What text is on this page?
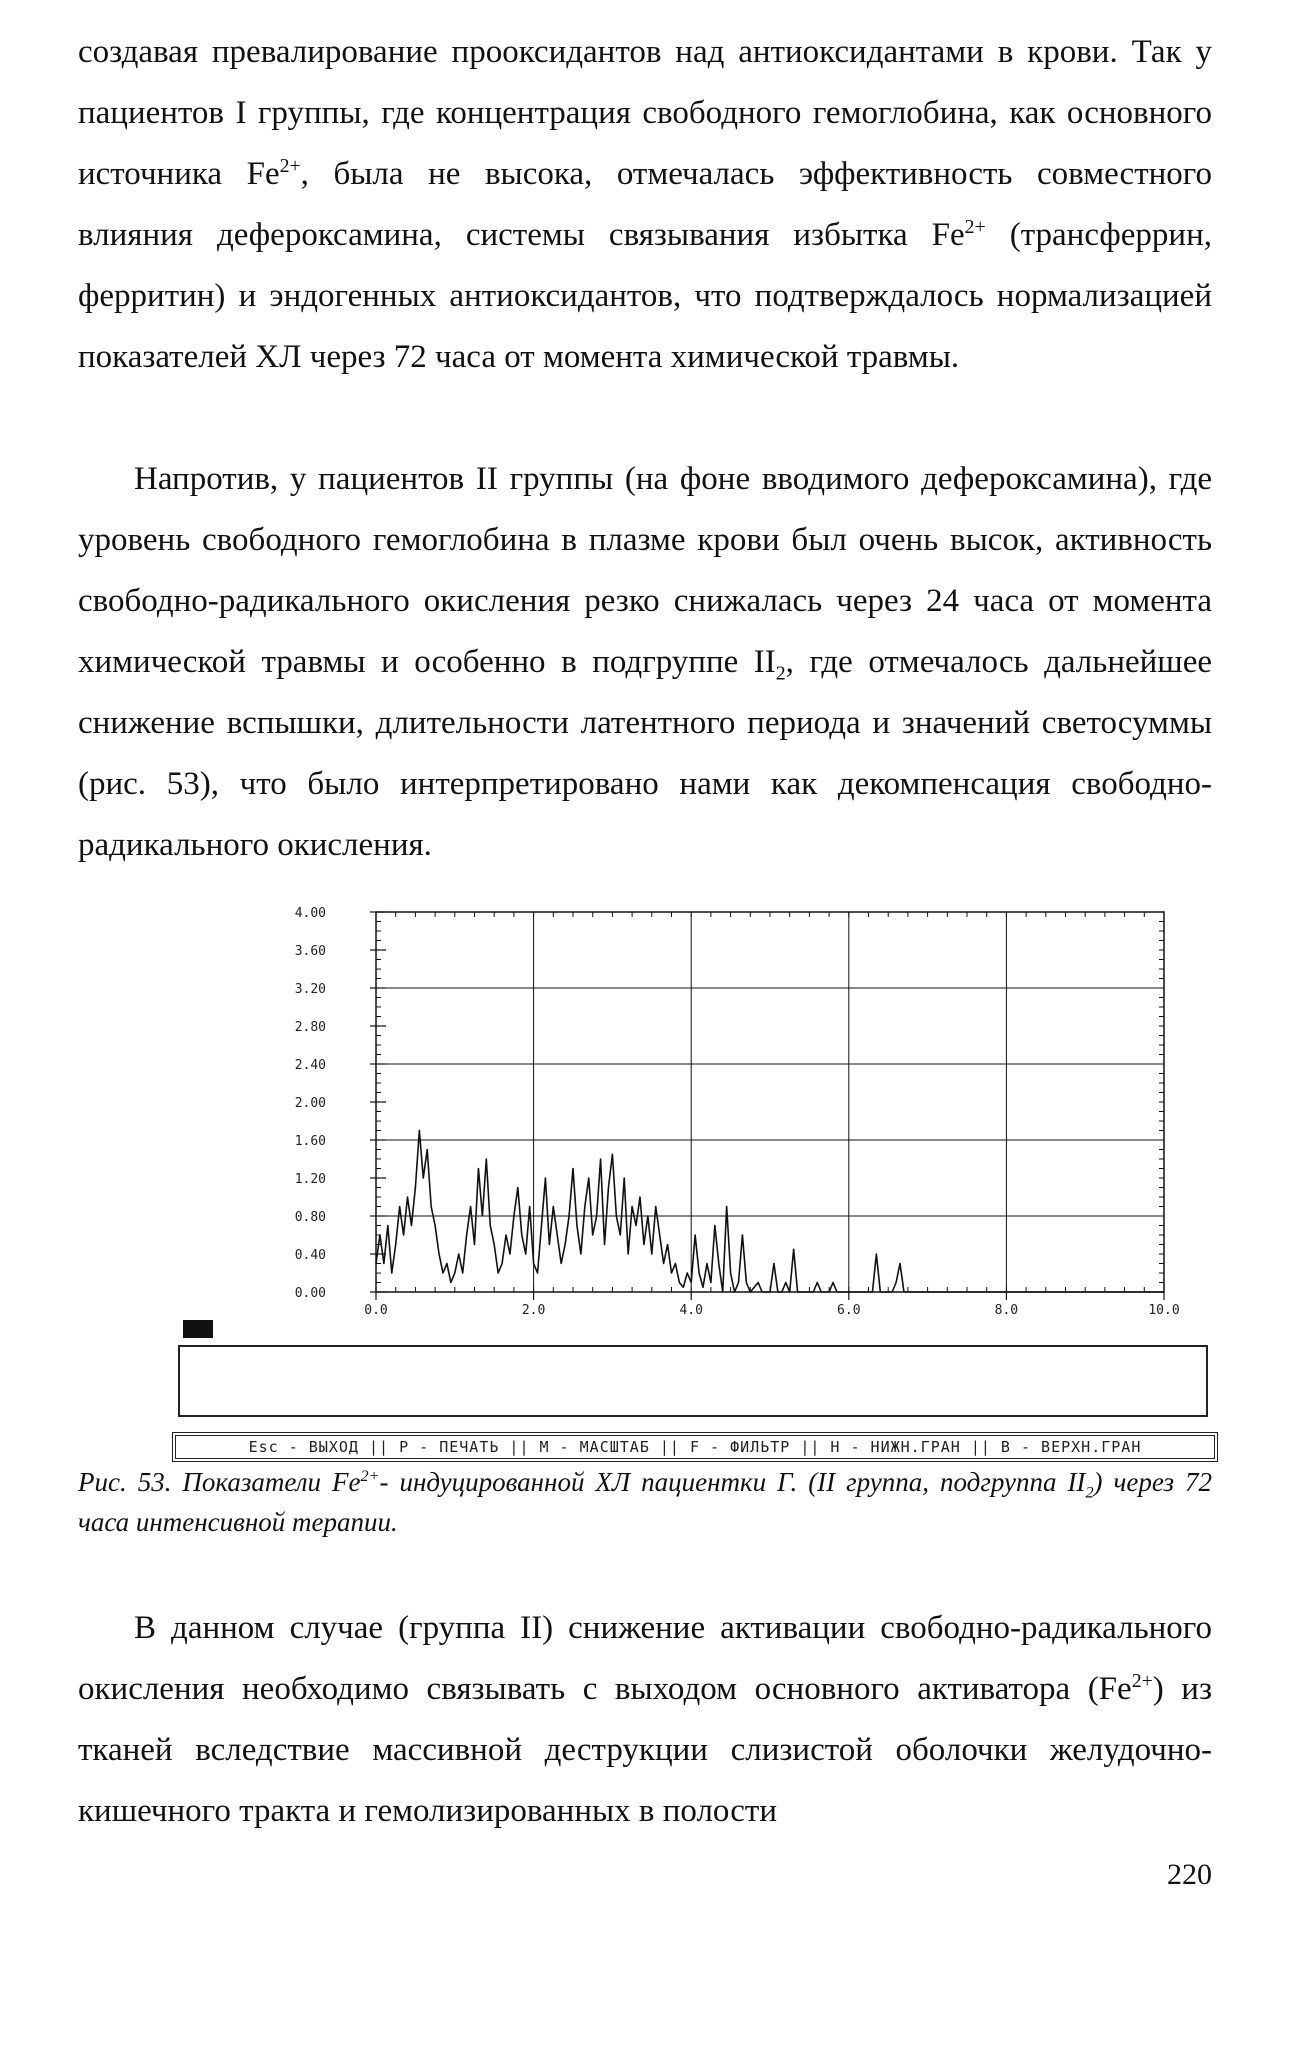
создавая превалирование прооксидантов над антиоксидантами в крови. Так у пациентов I группы, где концентрация свободного гемоглобина, как основного источника $Fe^{2+}$, была не высока, отмечалась эффективность совместного влияния дефероксамина, системы связывания избытка $Fe^{2+}$ (трансферрин, ферритин) и эндогенных антиоксидантов, что подтверждалось нормализацией показателей ХЛ через 72 часа от момента химической травмы.

Напротив, у пациентов II группы (на фоне вводимого дефероксамина), где уровень свободного гемоглобина в плазме крови был очень высок, активность свободно-радикального окисления резко снижалась через 24 часа от момента химической травмы и особенно в подгруппе $II_2$, где отмечалось дальнейшее снижение вспышки, длительности латентного периода и значений светосуммы (рис. 53), что было интерпретировано нами как декомпенсация свободно-радикального окисления.

0.00
0.40
0.80
1.20
1.60
2.00
2.40
2.80
3.20
3.60
4.00
0.0	2.0	4.0	6.0	8.0	10.0
Esc - ВЫХОД || P - ПЕЧАТЬ || M - МАСШТАБ || F - ФИЛЬТР || H - НИЖН.ГРАН || B - ВЕРХН.ГРАН

Рис. 53. Показатели $Fe^{2+}-$ индуцированной ХЛ пациентки Г. (II группа, подгруппа $II_2$) через 72 часа интенсивной терапии.

В данном случае (группа II) снижение активации свободно-радикального окисления необходимо связывать с выходом основного активатора $(Fe^{2+})$ из тканей вследствие массивной деструкции слизистой оболочки желудочно-кишечного тракта и гемолизированных в полости

220
